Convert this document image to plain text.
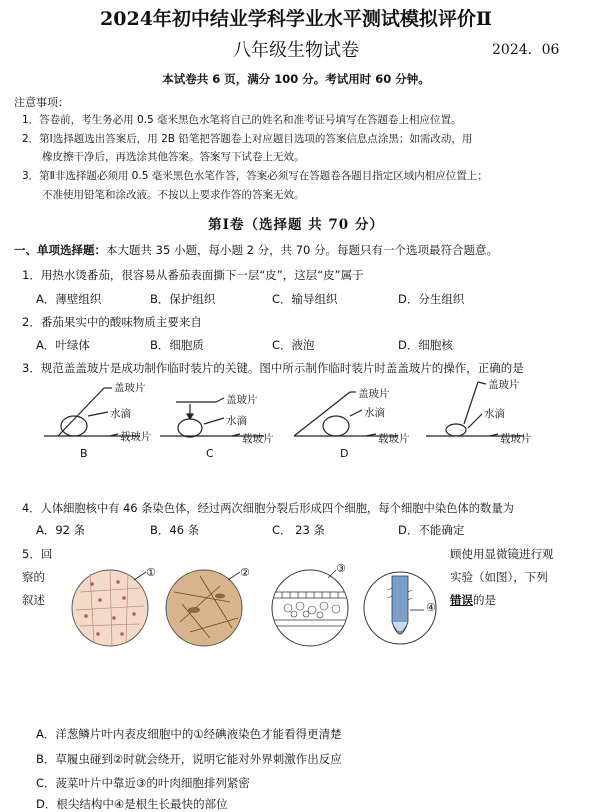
2024年初中结业学科学业水平测试模拟评价Ⅱ
八年级生物试卷	2024．06
本试卷共 6 页，满分 100 分。考试用时 60 分钟。
注意事项：
1．答卷前，考生务必用 0.5 毫米黑色水笔将自己的姓名和准考证号填写在答题卷上相应位置。
2．第Ⅰ选择题选出答案后，用 2B 铅笔把答题卷上对应题目选项的答案信息点涂黑；如需改动，用
橡皮擦干净后，再选涂其他答案。答案写下试卷上无效。
3．第Ⅱ非选择题必须用 0.5 毫米黑色水笔作答，答案必须写在答题卷各题目指定区域内相应位置上；
不准使用铅笔和涂改液。不按以上要求作答的答案无效。
第Ⅰ卷（选择题 共 70 分）
一、单项选择题：本大题共 35 小题，每小题 2 分，共 70 分。每题只有一个选项最符合题意。
1．用热水烫番茄，很容易从番茄表面撕下一层“皮”，这层“皮”属于
A．薄壁组织	B．保护组织	C．输导组织	D．分生组织
2．番茄果实中的酸味物质主要来自
A．叶绿体	B．细胞质	C．液泡	D．细胞核
3．规范盖盖玻片是成功制作临时装片的关键。图中所示制作临时装片时盖盖玻片的操作，正确的是
盖玻片
水滴
载玻片
盖玻片
水滴
载玻片
盖玻片
水滴
载玻片
盖玻片
水滴
载玻片
B	C	D
4．人体細胞核中有 46 条染色体，经过两次细胞分裂后形成四个细胞，每个细胞中染色体的数量为
A．92 条	B．46 条	C． 23 条	D．不能确定
5．回
察的
叙述
顾使用显微镜进行观
实验（如图），下列
错误的是
①	②	③
④
A．洋葱鳞片叶内表皮细胞中的①经碘液染色才能看得更清楚
B．草履虫碰到②时就会绕开，说明它能对外界刺激作出反应
C．菠菜叶片中靠近③的叶肉细胞排列紧密
D．根尖结构中④是根生长最快的部位
